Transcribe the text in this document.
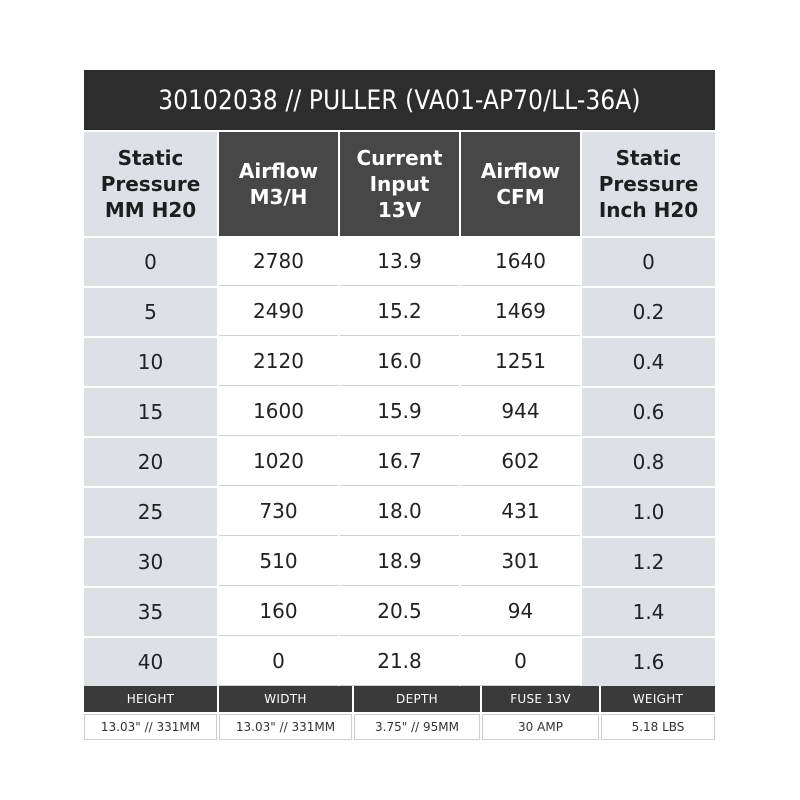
30102038 // PULLER (VA01-AP70/LL-36A)
Static
Pressure
MM H20
0
5
10
15
20
25
30
35
40
Airflow
M3/H
2780
2490
2120
1600
1020
730
510
160
0
Current
Input
13V
13.9
15.2
16.0
15.9
16.7
18.0
18.9
20.5
21.8
Airflow
CFM
1640
1469
1251
944
602
431
301
94
0
Static
Pressure
Inch H20
0
0.2
0.4
0.6
0.8
1.0
1.2
1.4
1.6
HEIGHT
13.03" // 331MM
WIDTH
13.03" // 331MM
DEPTH
3.75" // 95MM
FUSE 13V
30 AMP
WEIGHT
5.18 LBS
